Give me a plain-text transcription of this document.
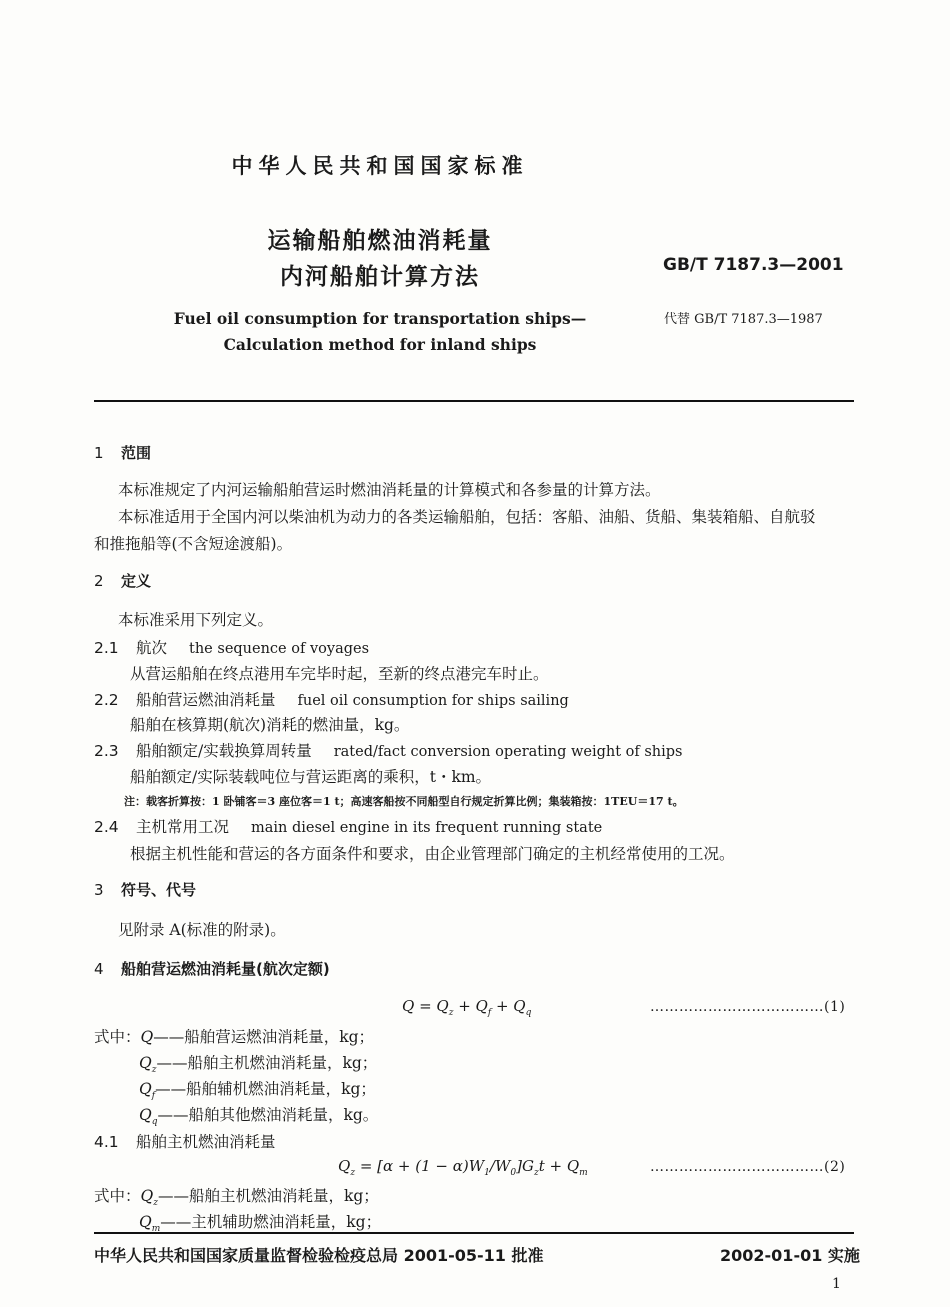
中华人民共和国国家标准
运输船舶燃油消耗量
内河船舶计算方法	GB/T 7187.3—2001
Fuel oil consumption for transportation ships—
Calculation method for inland ships
代替 GB/T 7187.3—1987
1 范围
本标准规定了内河运输船舶营运时燃油消耗量的计算模式和各参量的计算方法。
本标准适用于全国内河以柴油机为动力的各类运输船舶，包括：客船、油船、货船、集装箱船、自航驳
和推拖船等(不含短途渡船)。
2 定义
本标准采用下列定义。
2.1 航次 the sequence of voyages
从营运船舶在终点港用车完毕时起，至新的终点港完车时止。
2.2 船舶营运燃油消耗量 fuel oil consumption for ships sailing
船舶在核算期(航次)消耗的燃油量，kg。
2.3 船舶额定/实载换算周转量 rated/fact conversion operating weight of ships
船舶额定/实际装载吨位与营运距离的乘积，t・km。
注：载客折算按：1 卧铺客＝3 座位客＝1 t；高速客船按不同船型自行规定折算比例；集装箱按：1TEU＝17 t。
2.4 主机常用工况 main diesel engine in its frequent running state
根据主机性能和营运的各方面条件和要求，由企业管理部门确定的主机经常使用的工况。
3 符号、代号
见附录 A(标准的附录)。
4 船舶营运燃油消耗量(航次定额)
$Q = Q_z + Q_f + Q_q$	………………………………(1)
式中：Q——船舶营运燃油消耗量，kg；
$Q_z——$船舶主机燃油消耗量，kg；
$Q_f——$船舶辅机燃油消耗量，kg；
$Q_q——$船舶其他燃油消耗量，kg。
4.1 船舶主机燃油消耗量
$Q_z = [\alpha + (1 - \alpha)W_1/W_0]G_zt + Q_m$	………………………………(2)
式中：$Q_z——$船舶主机燃油消耗量，kg；
$Q_m——$主机辅助燃油消耗量，kg；
中华人民共和国国家质量监督检验检疫总局 2001-05-11 批准	2002-01-01 实施
1
